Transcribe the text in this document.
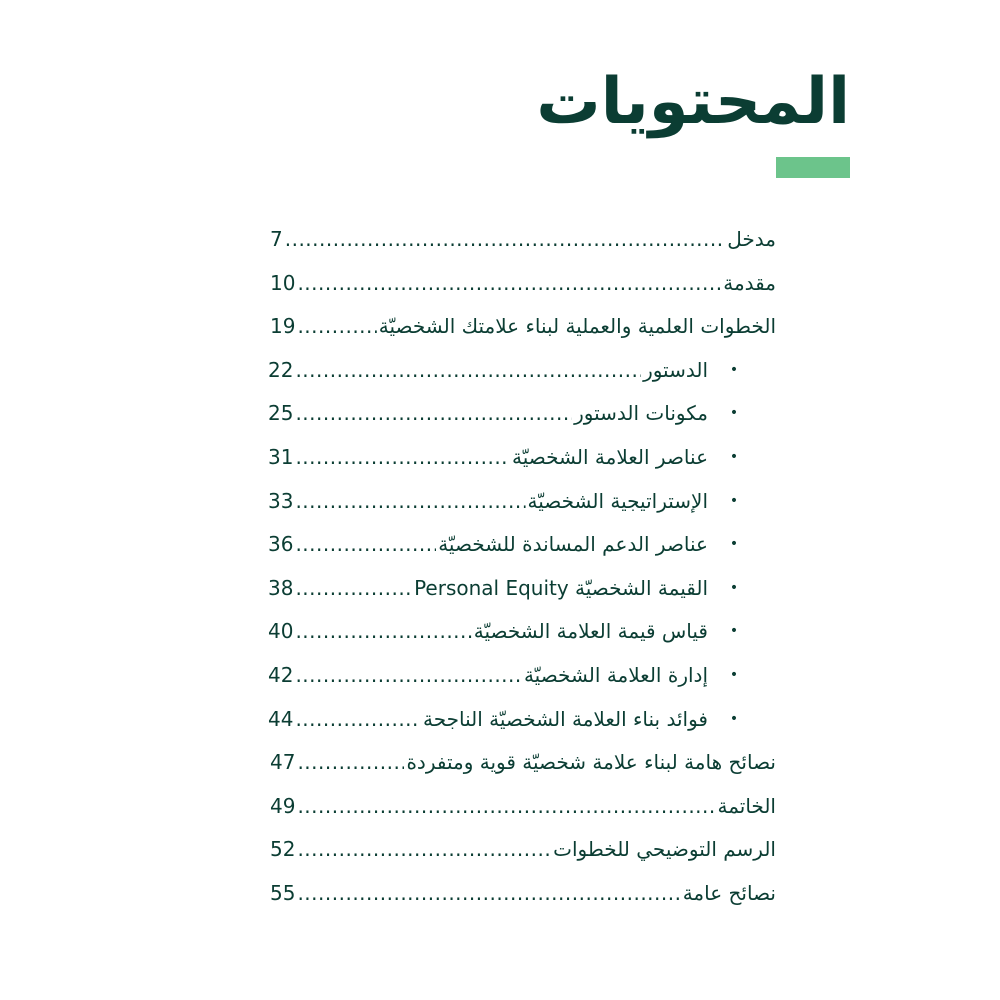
المحتويات
7 .....	مدخل
10 .....	مقدمة
19 .....	الخطوات العلمية والعملية لبناء علامتك الشخصيّة
22 .....	الدستور •
25 .....	مكونات الدستور •
31 .....	عناصر العلامة الشخصيّة •
33 .....	الإستراتيجية الشخصيّة •
36 .....	عناصر الدعم المساندة للشخصيّة •
38 .....	القيمة الشخصيّة Personal Equity •
40 .....	قياس قيمة العلامة الشخصيّة •
42 .....	إدارة العلامة الشخصيّة •
44 .....	فوائد بناء العلامة الشخصيّة الناجحة •
47 .....	نصائح هامة لبناء علامة شخصيّة قوية ومتفردة
49 .....	الخاتمة
52 .....	الرسم التوضيحي للخطوات
55 .....	نصائح عامة
